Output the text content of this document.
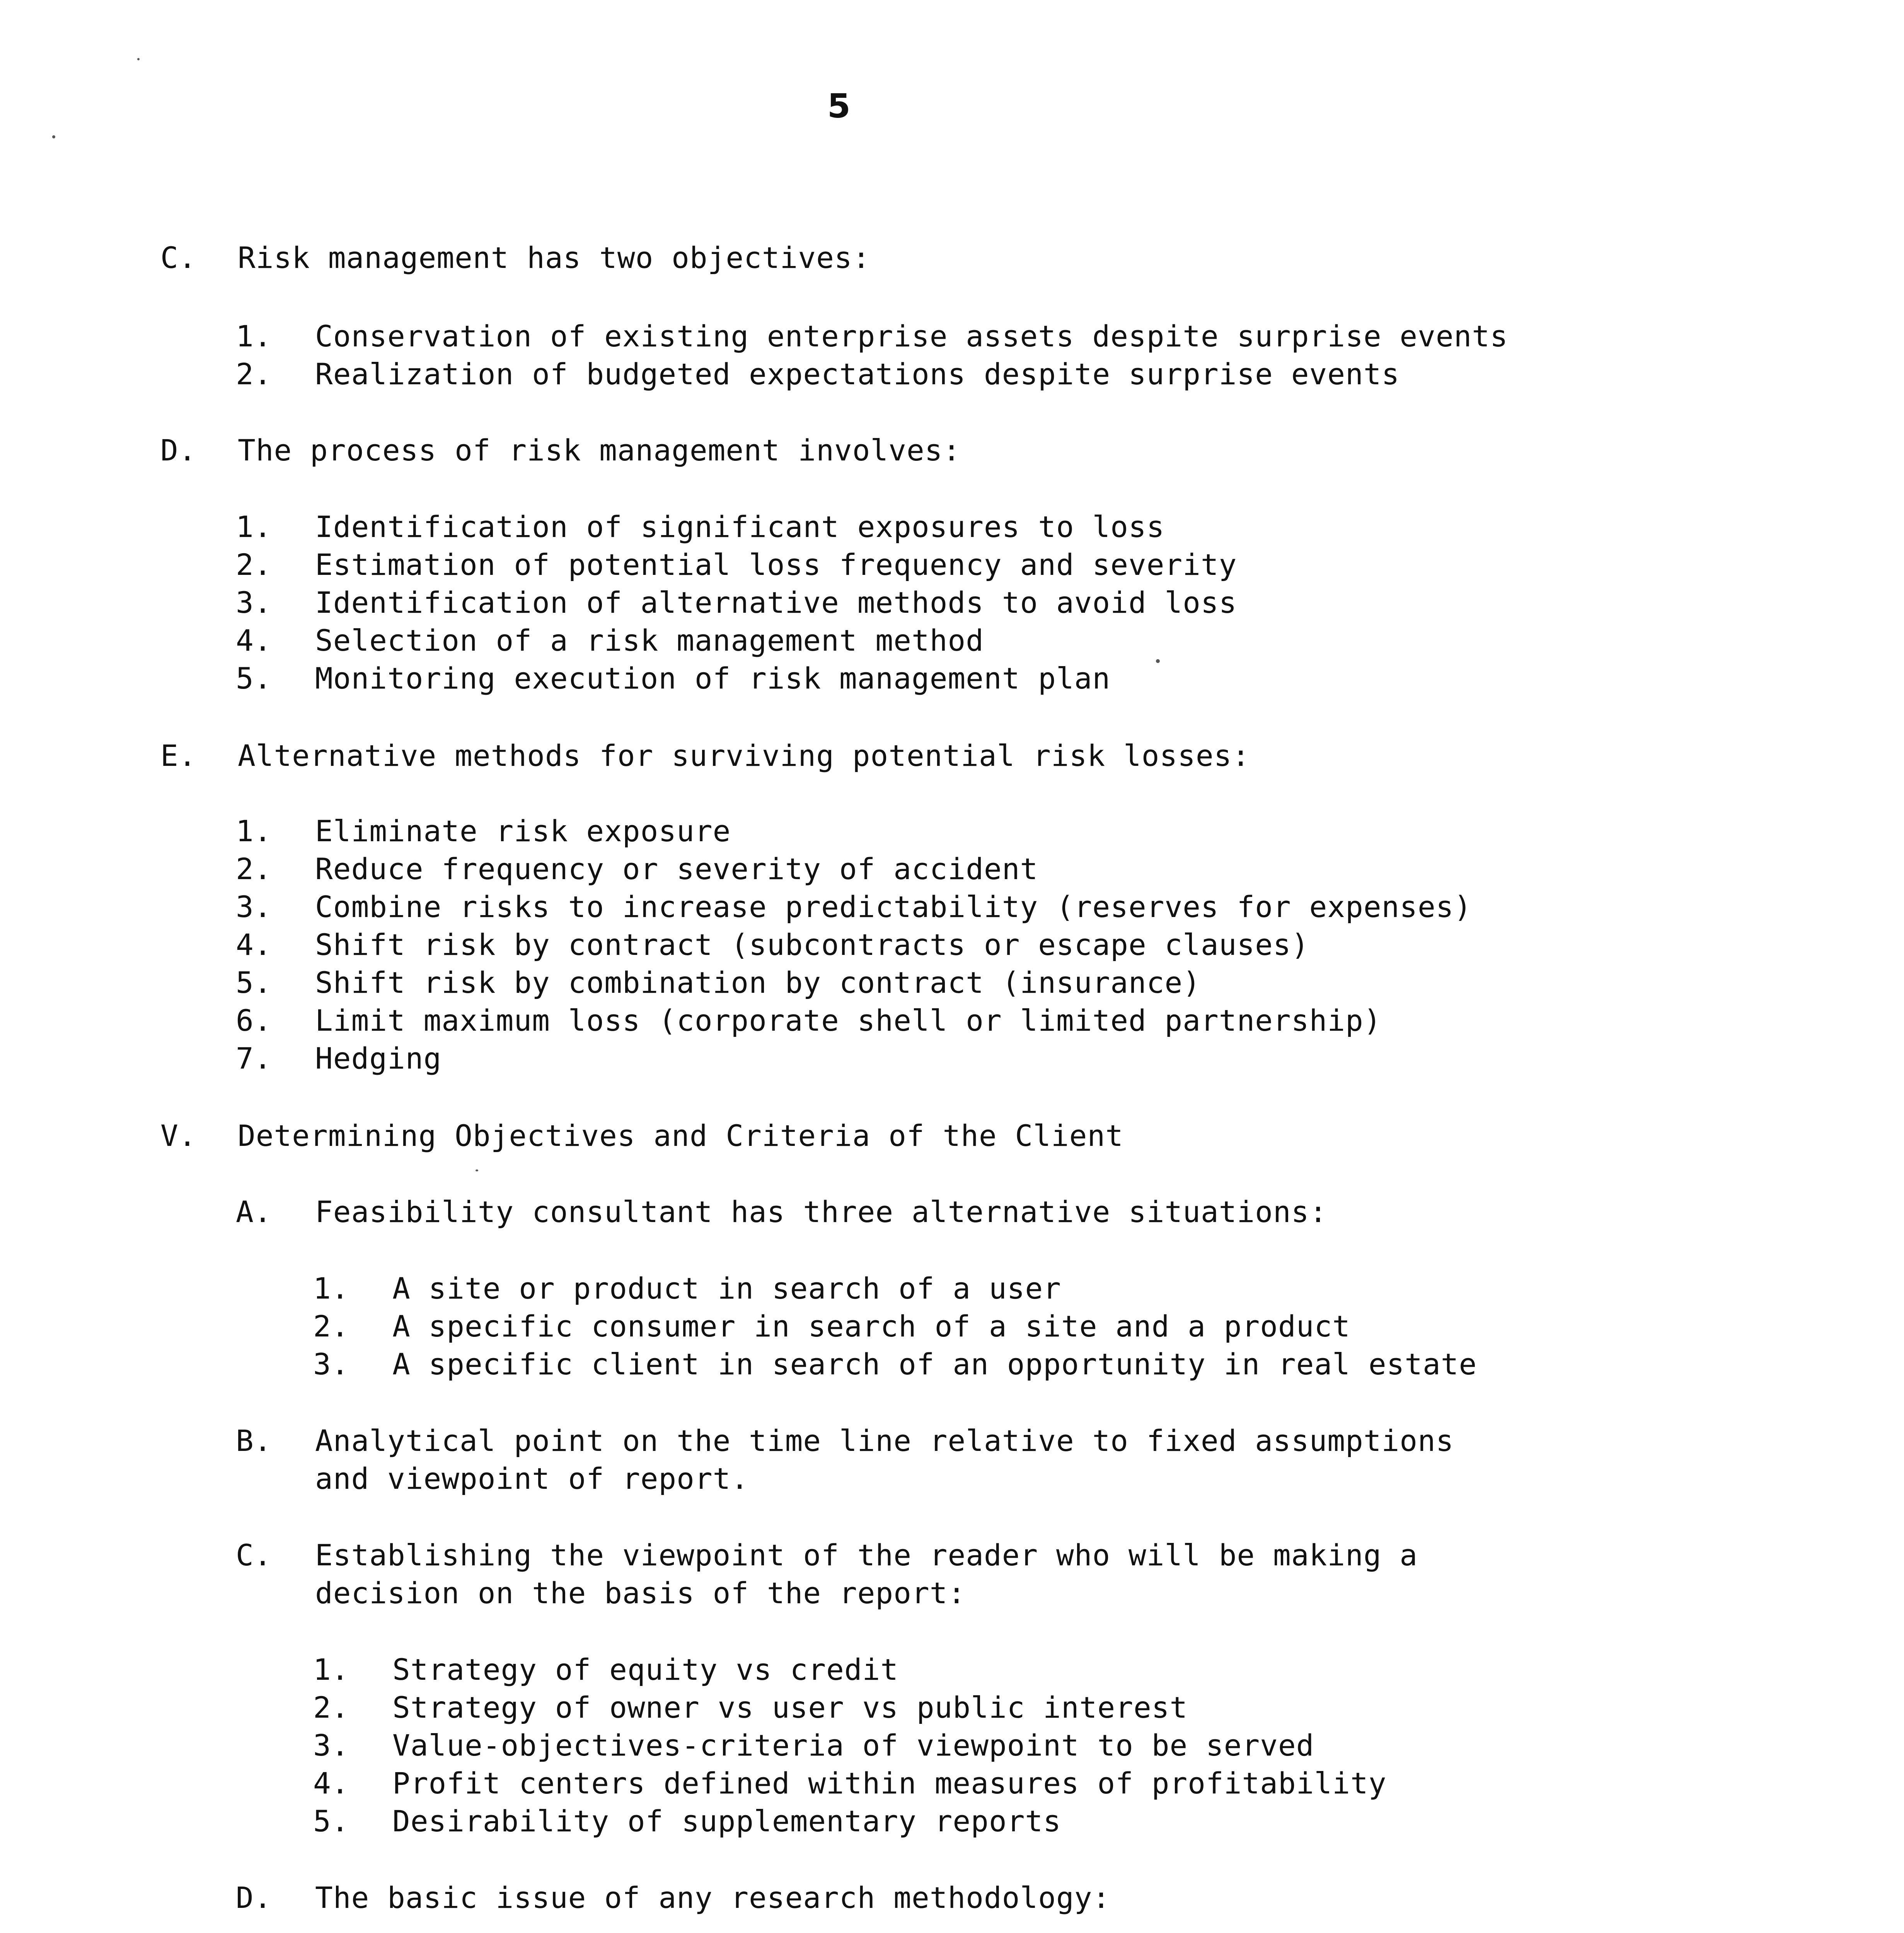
5
C. Risk management has two objectives:
1. Conservation of existing enterprise assets despite surprise events
2. Realization of budgeted expectations despite surprise events
D. The process of risk management involves:
1. Identification of significant exposures to loss
2. Estimation of potential loss frequency and severity
3. Identification of alternative methods to avoid loss
4. Selection of a risk management method
5. Monitoring execution of risk management plan
E. Alternative methods for surviving potential risk losses:
1. Eliminate risk exposure
2. Reduce frequency or severity of accident
3. Combine risks to increase predictability (reserves for expenses)
4. Shift risk by contract (subcontracts or escape clauses)
5. Shift risk by combination by contract (insurance)
6. Limit maximum loss (corporate shell or limited partnership)
7. Hedging
V. Determining Objectives and Criteria of the Client
A. Feasibility consultant has three alternative situations:
1. A site or product in search of a user
2. A specific consumer in search of a site and a product
3. A specific client in search of an opportunity in real estate
B. Analytical point on the time line relative to fixed assumptions
and viewpoint of report.
C. Establishing the viewpoint of the reader who will be making a
decision on the basis of the report:
1. Strategy of equity vs credit
2. Strategy of owner vs user vs public interest
3. Value-objectives-criteria of viewpoint to be served
4. Profit centers defined within measures of profitability
5. Desirability of supplementary reports
D. The basic issue of any research methodology:
